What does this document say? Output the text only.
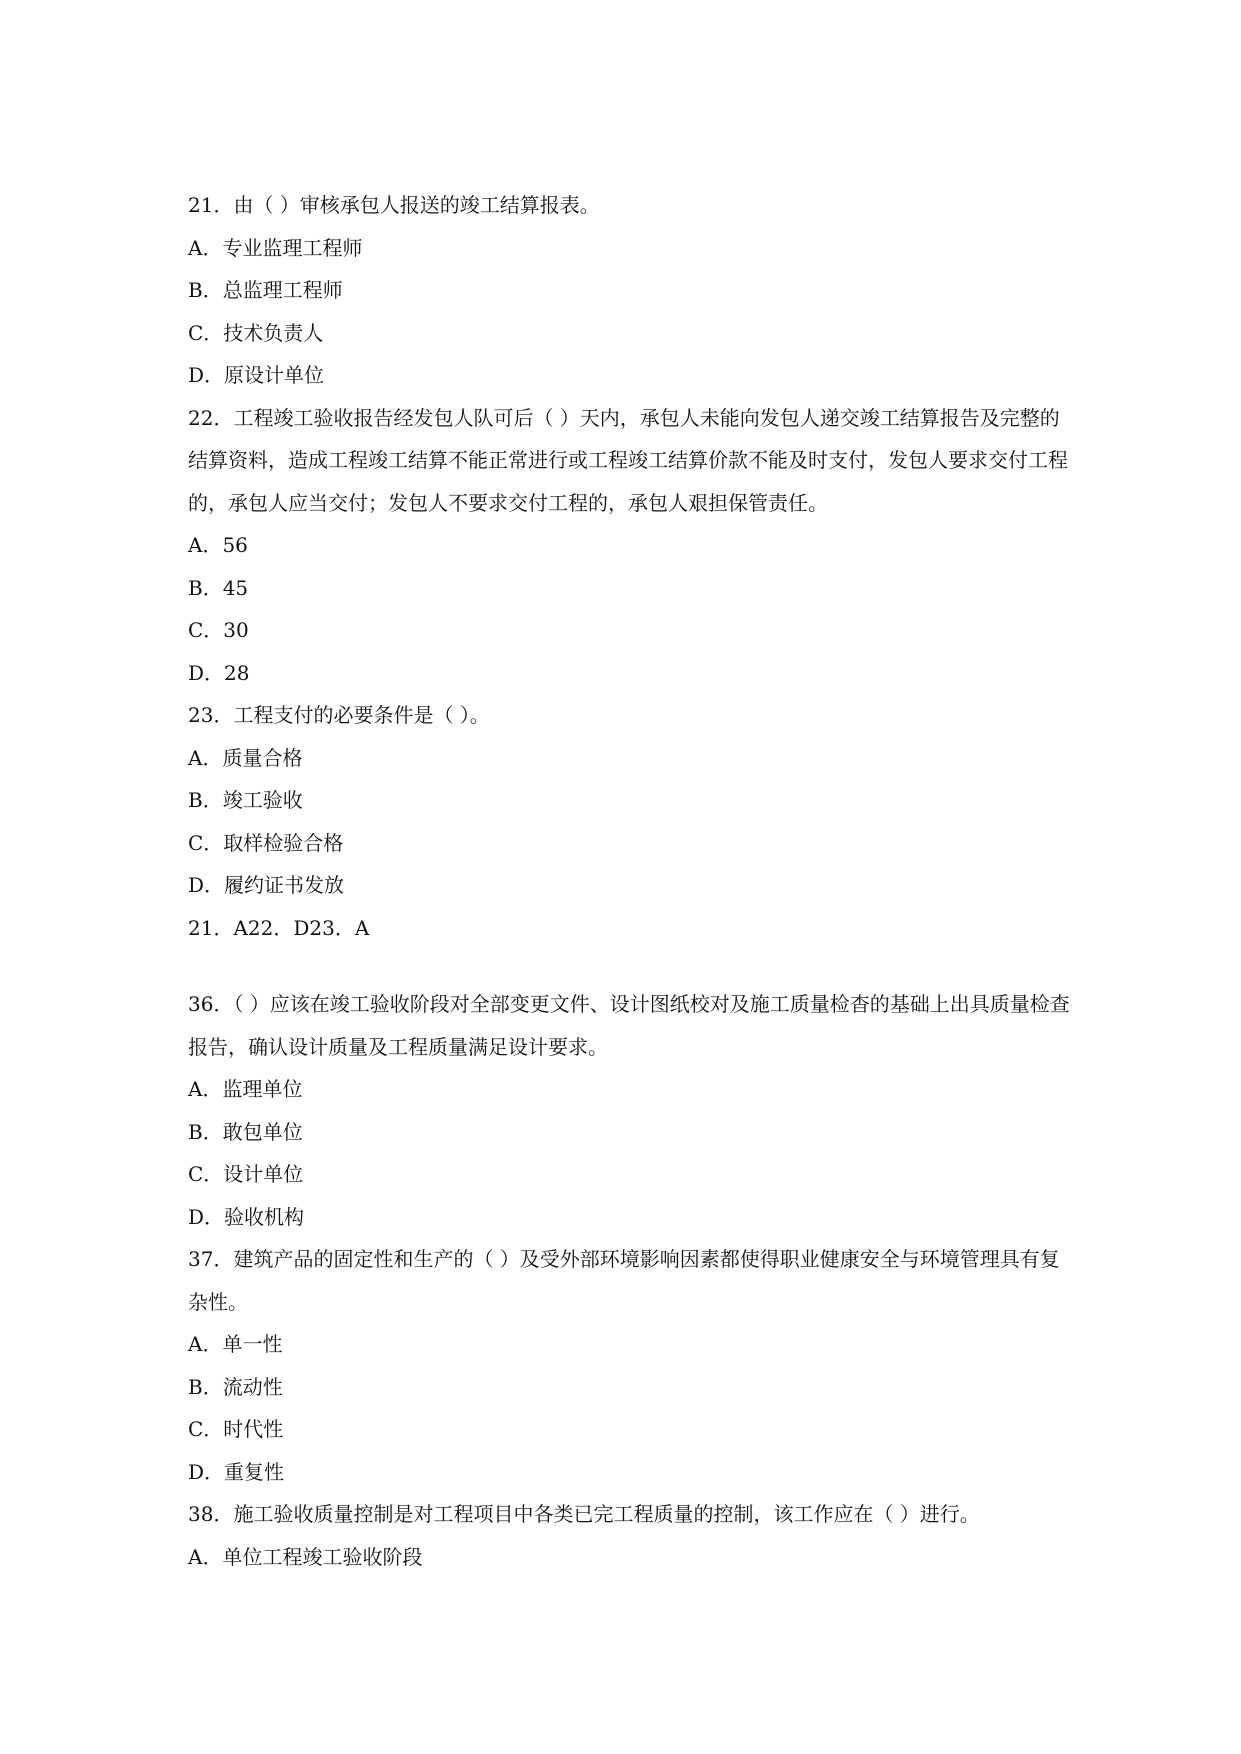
21．由（ ）审核承包人报送的竣工结算报表。

A．专业监理工程师

B．总监理工程师

C．技术负责人

D．原设计单位

22．工程竣工验收报告经发包人队可后（ ）天内，承包人未能向发包人递交竣工结算报告及完整的结算资料，造成工程竣工结算不能正常进行或工程竣工结算价款不能及时支付，发包人要求交付工程的，承包人应当交付；发包人不要求交付工程的，承包人艰担保管责任。

A．56

B．45

C．30

D．28

23．工程支付的必要条件是（ ）。

A．质量合格

B．竣工验收

C．取样检验合格

D．履约证书发放

21．A22．D23．A

36．（ ）应该在竣工验收阶段对全部变更文件、设计图纸校对及施工质量检杳的基础上出具质量检查报告，确认设计质量及工程质量满足设计要求。

A．监理单位

B．敢包单位

C．设计单位

D．验收机构

37．建筑产品的固定性和生产的（ ）及受外部环境影响因素都使得职业健康安全与环境管理具有复杂性。

A．单一性

B．流动性

C．时代性

D．重复性

38．施工验收质量控制是对工程项目中各类已完工程质量的控制，该工作应在（ ）进行。

A．单位工程竣工验收阶段
